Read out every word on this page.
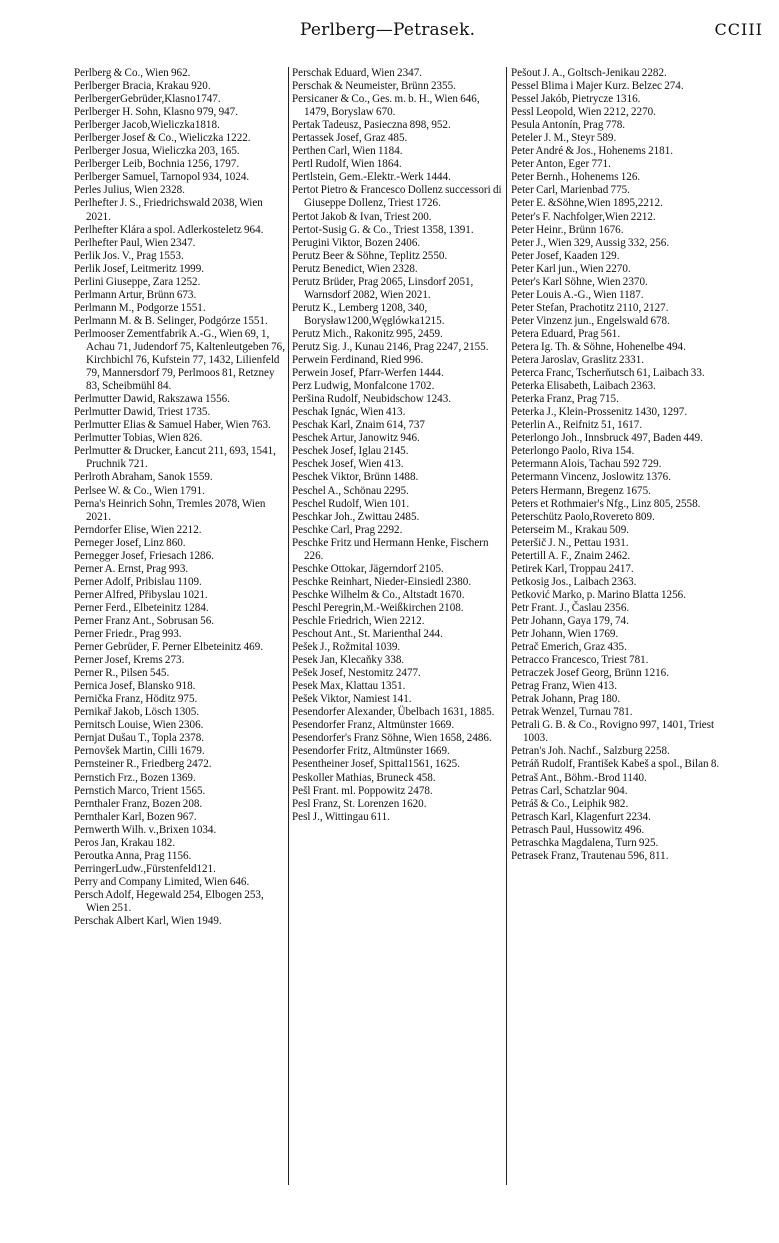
Perlberg—Petrasek.	CCIII

Perlberg & Co., Wien 962.

Perlberger Bracia, Krakau 920.

PerlbergerGebrüder,Klasno1747.

Perlberger H. Sohn, Klasno 979, 947.

Perlberger Jacob,Wieliczka1818.

Perlberger Josef & Co., Wieliczka 1222.

Perlberger Josua, Wieliczka 203, 165.

Perlberger Leib, Bochnia 1256, 1797.

Perlberger Samuel, Tarnopol 934, 1024.

Perles Julius, Wien 2328.

Perlhefter J. S., Friedrichswald 2038, Wien 2021.

Perlhefter Klára a spol. Adlerkosteletz 964.

Perlhefter Paul, Wien 2347.

Perlik Jos. V., Prag 1553.

Perlik Josef, Leitmeritz 1999.

Perlini Giuseppe, Zara 1252.

Perlmann Artur, Brünn 673.

Perlmann M., Podgorze 1551.

Perlmann M. & B. Selinger, Podgórze 1551.

Perlmooser Zementfabrik A.-G., Wien 69, 1, Achau 71, Judendorf 75, Kaltenleutgeben 76, Kirchbichl 76, Kufstein 77, 1432, Lilienfeld 79, Mannersdorf 79, Perlmoos 81, Retzney 83, Scheibmühl 84.

Perlmutter Dawid, Rakszawa 1556.

Perlmutter Dawid, Triest 1735.

Perlmutter Elias & Samuel Haber, Wien 763.

Perlmutter Tobias, Wien 826.

Perlmutter & Drucker, Łancut 211, 693, 1541, Pruchnik 721.

Perlroth Abraham, Sanok 1559.

Perlsee W. & Co., Wien 1791.

Perna's Heinrich Sohn, Tremles 2078, Wien 2021.

Perndorfer Elise, Wien 2212.

Perneger Josef, Linz 860.

Pernegger Josef, Friesach 1286.

Perner A. Ernst, Prag 993.

Perner Adolf, Pribislau 1109.

Perner Alfred, Přibyslau 1021.

Perner Ferd., Elbeteinitz 1284.

Perner Franz Ant., Sobrusan 56.

Perner Friedr., Prag 993.

Perner Gebrüder, F. Perner Elbeteinitz 469.

Perner Josef, Krems 273.

Perner R., Pilsen 545.

Pernica Josef, Blansko 918.

Pernička Franz, Höditz 975.

Pernikař Jakob, Lösch 1305.

Pernitsch Louise, Wien 2306.

Pernjat Dušau T., Topla 2378.

Pernovšek Martin, Cilli 1679.

Pernsteiner R., Friedberg 2472.

Pernstich Frz., Bozen 1369.

Pernstich Marco, Trient 1565.

Pernthaler Franz, Bozen 208.

Pernthaler Karl, Bozen 967.

Pernwerth Wilh. v.,Brixen 1034.

Peros Jan, Krakau 182.

Peroutka Anna, Prag 1156.

PerringerLudw.,Fürstenfeld121.

Perry and Company Limited, Wien 646.

Persch Adolf, Hegewald 254, Elbogen 253, Wien 251.

Perschak Albert Karl, Wien 1949.

Perschak Eduard, Wien 2347.

Perschak & Neumeister, Brünn 2355.

Persicaner & Co., Ges. m. b. H., Wien 646, 1479, Boryslaw 670.

Pertak Tadeusz, Pasieczna 898, 952.

Pertassek Josef, Graz 485.

Perthen Carl, Wien 1184.

Pertl Rudolf, Wien 1864.

Pertlstein, Gem.-Elektr.-Werk 1444.

Pertot Pietro & Francesco Dollenz successori di Giuseppe Dollenz, Triest 1726.

Pertot Jakob & Ivan, Triest 200.

Pertot-Susig G. & Co., Triest 1358, 1391.

Perugini Viktor, Bozen 2406.

Perutz Beer & Söhne, Teplitz 2550.

Perutz Benedict, Wien 2328.

Perutz Brüder, Prag 2065, Linsdorf 2051, Warnsdorf 2082, Wien 2021.

Perutz K., Lemberg 1208, 340, Borysław1200,Węglówka1215.

Perutz Mich., Rakonitz 995, 2459.

Perutz Sig. J., Kunau 2146, Prag 2247, 2155.

Perwein Ferdinand, Ried 996.

Perwein Josef, Pfarr-Werfen 1444.

Perz Ludwig, Monfalcone 1702.

Peršina Rudolf, Neubidschow 1243.

Peschak Ignác, Wien 413.

Peschak Karl, Znaim 614, 737

Peschek Artur, Janowitz 946.

Peschek Josef, Iglau 2145.

Peschek Josef, Wien 413.

Peschek Viktor, Brünn 1488.

Peschel A., Schönau 2295.

Peschel Rudolf, Wien 101.

Peschkar Joh., Zwittau 2485.

Peschke Carl, Prag 2292.

Peschke Fritz und Hermann Henke, Fischern 226.

Peschke Ottokar, Jägerndorf 2105.

Peschke Reinhart, Nieder-Einsiedl 2380.

Peschke Wilhelm & Co., Altstadt 1670.

Peschl Peregrin,M.-Weißkirchen 2108.

Peschle Friedrich, Wien 2212.

Peschout Ant., St. Marienthal 244.

Pešek J., Rožmital 1039.

Pesek Jan, Klecaňky 338.

Pešek Josef, Nestomitz 2477.

Pesek Max, Klattau 1351.

Pešek Viktor, Namiest 141.

Pesendorfer Alexander, Übelbach 1631, 1885.

Pesendorfer Franz, Altmünster 1669.

Pesendorfer's Franz Söhne, Wien 1658, 2486.

Pesendorfer Fritz, Altmünster 1669.

Pesentheiner Josef, Spittal1561, 1625.

Peskoller Mathias, Bruneck 458.

Pešl Frant. ml. Poppowitz 2478.

Pesl Franz, St. Lorenzen 1620.

Pesl J., Wittingau 611.

Pešout J. A., Goltsch-Jenikau 2282.

Pessel Blima i Majer Kurz. Belzec 274.

Pessel Jakób, Pietrycze 1316.

Pessl Leopold, Wien 2212, 2270.

Pesula Antonín, Prag 778.

Peteler J. M., Steyr 589.

Peter André & Jos., Hohenems 2181.

Peter Anton, Eger 771.

Peter Bernh., Hohenems 126.

Peter Carl, Marienbad 775.

Peter E. &Söhne,Wien 1895,2212.

Peter's F. Nachfolger,Wien 2212.

Peter Heinr., Brünn 1676.

Peter J., Wien 329, Aussig 332, 256.

Peter Josef, Kaaden 129.

Peter Karl jun., Wien 2270.

Peter's Karl Söhne, Wien 2370.

Peter Louis A.-G., Wien 1187.

Peter Stefan, Prachotitz 2110, 2127.

Peter Vinzenz jun., Engelswald 678.

Petera Eduard, Prag 561.

Petera Ig. Th. & Söhne, Hohenelbe 494.

Petera Jaroslav, Graslitz 2331.

Peterca Franc, Tscherňutsch 61, Laibach 33.

Peterka Elisabeth, Laibach 2363.

Peterka Franz, Prag 715.

Peterka J., Klein-Prossenitz 1430, 1297.

Peterlin A., Reifnitz 51, 1617.

Peterlongo Joh., Innsbruck 497, Baden 449.

Peterlongo Paolo, Riva 154.

Petermann Alois, Tachau 592 729.

Petermann Vincenz, Joslowitz 1376.

Peters Hermann, Bregenz 1675.

Peters et Rothmaier's Nfg., Linz 805, 2558.

Peterschütz Paolo,Rovereto 809.

Peterseim M., Krakau 509.

Peteršič J. N., Pettau 1931.

Petertill A. F., Znaim 2462.

Petirek Karl, Troppau 2417.

Petkosig Jos., Laibach 2363.

Petković Marko, p. Marino Blatta 1256.

Petr Frant. J., Časlau 2356.

Petr Johann, Gaya 179, 74.

Petr Johann, Wien 1769.

Petrač Emerich, Graz 435.

Petracco Francesco, Triest 781.

Petraczek Josef Georg, Brünn 1216.

Petrag Franz, Wien 413.

Petrak Johann, Prag 180.

Petrak Wenzel, Turnau 781.

Petrali G. B. & Co., Rovigno 997, 1401, Triest 1003.

Petran's Joh. Nachf., Salzburg 2258.

Petráň Rudolf, František Kabeš a spol., Bilan 8.

Petraš Ant., Böhm.-Brod 1140.

Petras Carl, Schatzlar 904.

Petráš & Co., Leiphik 982.

Petrasch Karl, Klagenfurt 2234.

Petrasch Paul, Hussowitz 496.

Petraschka Magdalena, Turn 925.

Petrasek Franz, Trautenau 596, 811.
